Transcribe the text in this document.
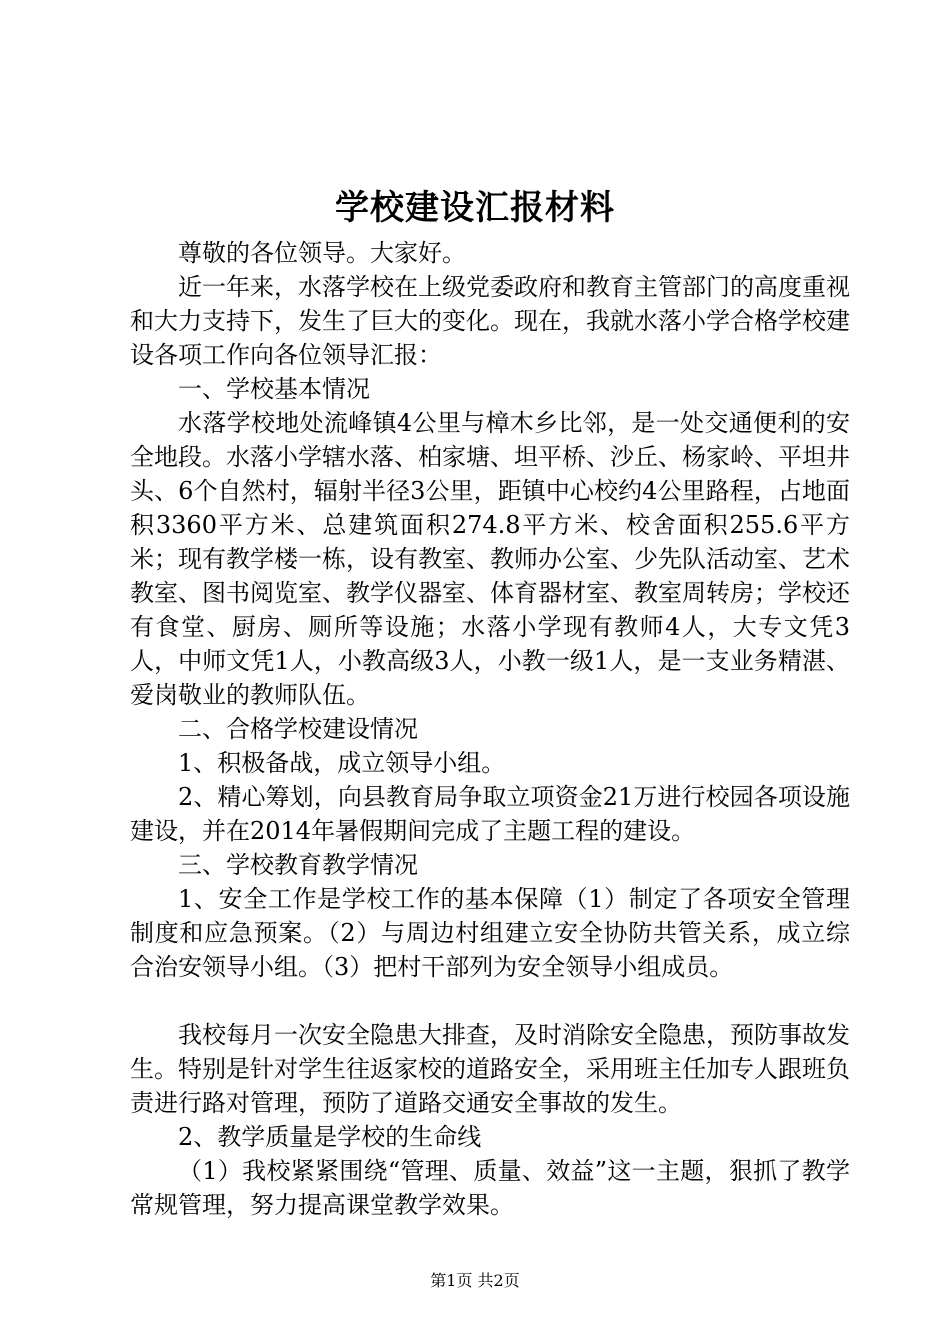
学校建设汇报材料

尊敬的各位领导。大家好。

近一年来，水落学校在上级党委政府和教育主管部门的高度重视和大力支持下，发生了巨大的变化。现在，我就水落小学合格学校建设各项工作向各位领导汇报：

一、学校基本情况

水落学校地处流峰镇4公里与樟木乡比邻，是一处交通便利的安全地段。水落小学辖水落、柏家塘、坦平桥、沙丘、杨家岭、平坦井头、6个自然村，辐射半径3公里，距镇中心校约4公里路程，占地面积3360平方米、总建筑面积274.8平方米、校舍面积255.6平方米；现有教学楼一栋，设有教室、教师办公室、少先队活动室、艺术教室、图书阅览室、教学仪器室、体育器材室、教室周转房；学校还有食堂、厨房、厕所等设施；水落小学现有教师4人，大专文凭3人，中师文凭1人，小教高级3人，小教一级1人，是一支业务精湛、爱岗敬业的教师队伍。

二、合格学校建设情况

1、积极备战，成立领导小组。

2、精心筹划，向县教育局争取立项资金21万进行校园各项设施建设，并在2014年暑假期间完成了主题工程的建设。

三、学校教育教学情况

1、安全工作是学校工作的基本保障（1）制定了各项安全管理制度和应急预案。（2）与周边村组建立安全协防共管关系，成立综合治安领导小组。（3）把村干部列为安全领导小组成员。

我校每月一次安全隐患大排查，及时消除安全隐患，预防事故发生。特别是针对学生往返家校的道路安全，采用班主任加专人跟班负责进行路对管理，预防了道路交通安全事故的发生。

2、教学质量是学校的生命线

（1）我校紧紧围绕“管理、质量、效益”这一主题，狠抓了教学常规管理，努力提高课堂教学效果。

第1页 共2页
